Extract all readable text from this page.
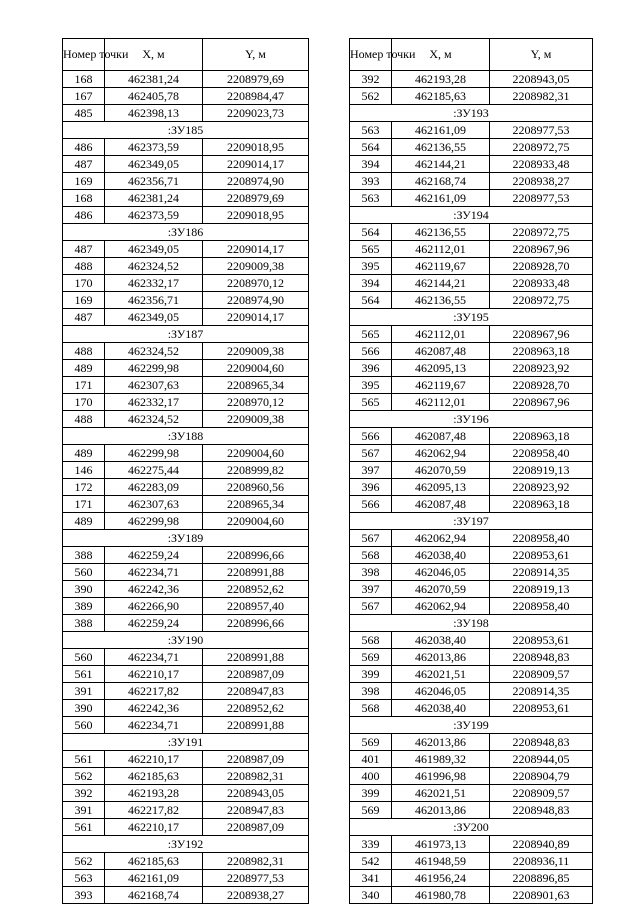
Номер точки	X, м	Y, м
168	462381,24	2208979,69
167	462405,78	2208984,47
485	462398,13	2209023,73
:ЗУ185		
486	462373,59	2209018,95
487	462349,05	2209014,17
169	462356,71	2208974,90
168	462381,24	2208979,69
486	462373,59	2209018,95
:ЗУ186		
487	462349,05	2209014,17
488	462324,52	2209009,38
170	462332,17	2208970,12
169	462356,71	2208974,90
487	462349,05	2209014,17
:ЗУ187		
488	462324,52	2209009,38
489	462299,98	2209004,60
171	462307,63	2208965,34
170	462332,17	2208970,12
488	462324,52	2209009,38
:ЗУ188		
489	462299,98	2209004,60
146	462275,44	2208999,82
172	462283,09	2208960,56
171	462307,63	2208965,34
489	462299,98	2209004,60
:ЗУ189		
388	462259,24	2208996,66
560	462234,71	2208991,88
390	462242,36	2208952,62
389	462266,90	2208957,40
388	462259,24	2208996,66
:ЗУ190		
560	462234,71	2208991,88
561	462210,17	2208987,09
391	462217,82	2208947,83
390	462242,36	2208952,62
560	462234,71	2208991,88
:ЗУ191		
561	462210,17	2208987,09
562	462185,63	2208982,31
392	462193,28	2208943,05
391	462217,82	2208947,83
561	462210,17	2208987,09
:ЗУ192		
562	462185,63	2208982,31
563	462161,09	2208977,53
393	462168,74	2208938,27
Номер точки	X, м	Y, м
392	462193,28	2208943,05
562	462185,63	2208982,31
:ЗУ193		
563	462161,09	2208977,53
564	462136,55	2208972,75
394	462144,21	2208933,48
393	462168,74	2208938,27
563	462161,09	2208977,53
:ЗУ194		
564	462136,55	2208972,75
565	462112,01	2208967,96
395	462119,67	2208928,70
394	462144,21	2208933,48
564	462136,55	2208972,75
:ЗУ195		
565	462112,01	2208967,96
566	462087,48	2208963,18
396	462095,13	2208923,92
395	462119,67	2208928,70
565	462112,01	2208967,96
:ЗУ196		
566	462087,48	2208963,18
567	462062,94	2208958,40
397	462070,59	2208919,13
396	462095,13	2208923,92
566	462087,48	2208963,18
:ЗУ197		
567	462062,94	2208958,40
568	462038,40	2208953,61
398	462046,05	2208914,35
397	462070,59	2208919,13
567	462062,94	2208958,40
:ЗУ198		
568	462038,40	2208953,61
569	462013,86	2208948,83
399	462021,51	2208909,57
398	462046,05	2208914,35
568	462038,40	2208953,61
:ЗУ199		
569	462013,86	2208948,83
401	461989,32	2208944,05
400	461996,98	2208904,79
399	462021,51	2208909,57
569	462013,86	2208948,83
:ЗУ200		
339	461973,13	2208940,89
542	461948,59	2208936,11
341	461956,24	2208896,85
340	461980,78	2208901,63
